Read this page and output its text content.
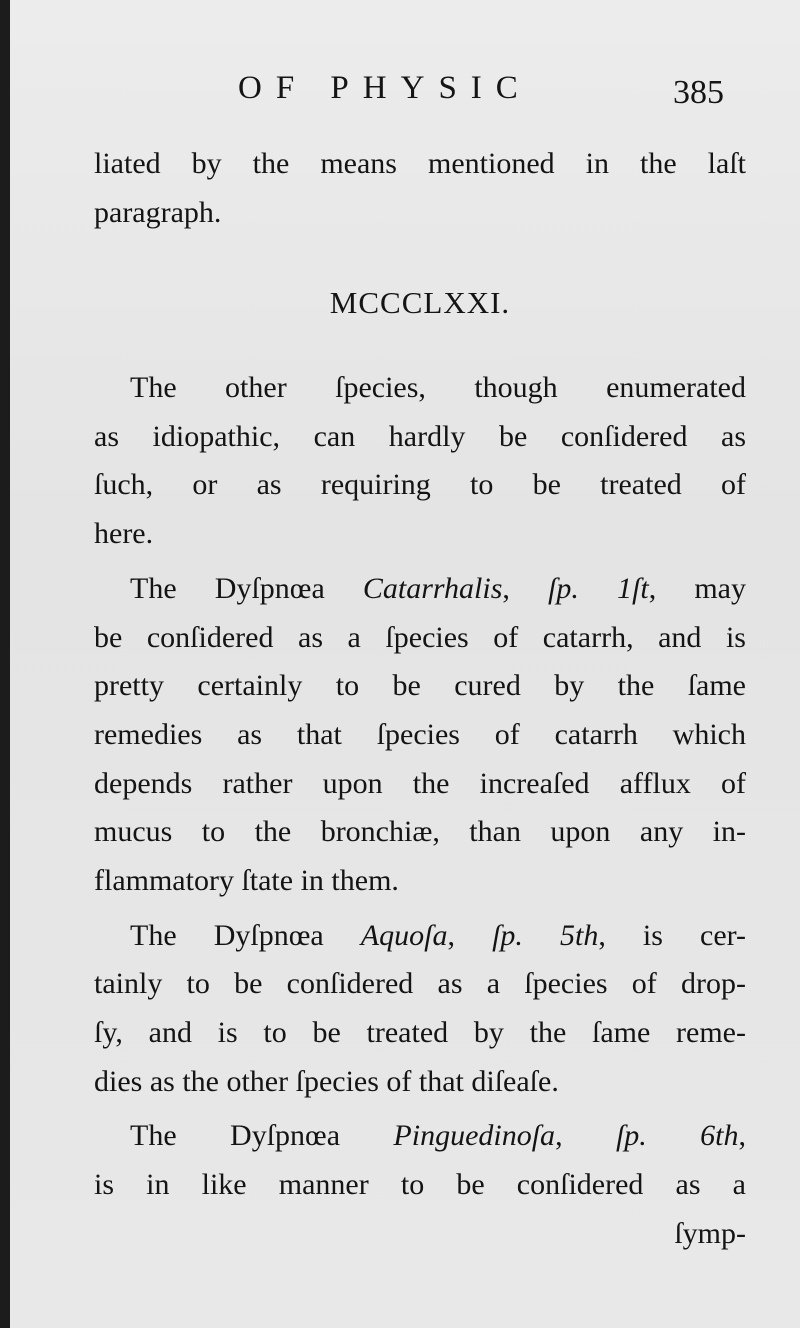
OF PHYSIC	385
liated by the means mentioned in the laſt
paragraph.
MCCCLXXI.
The other ſpecies, though enumerated
as idiopathic, can hardly be conſidered as
ſuch, or as requiring to be treated of
here.
The Dyſpnœa Catarrhalis, ſp. 1ſt, may
be conſidered as a ſpecies of catarrh, and is
pretty certainly to be cured by the ſame
remedies as that ſpecies of catarrh which
depends rather upon the increaſed afflux of
mucus to the bronchiæ, than upon any in-
flammatory ſtate in them.
The Dyſpnœa Aquoſa, ſp. 5th, is cer-
tainly to be conſidered as a ſpecies of drop-
ſy, and is to be treated by the ſame reme-
dies as the other ſpecies of that diſeaſe.
The Dyſpnœa Pinguedinoſa, ſp. 6th,
is in like manner to be conſidered as a
ſymp-
